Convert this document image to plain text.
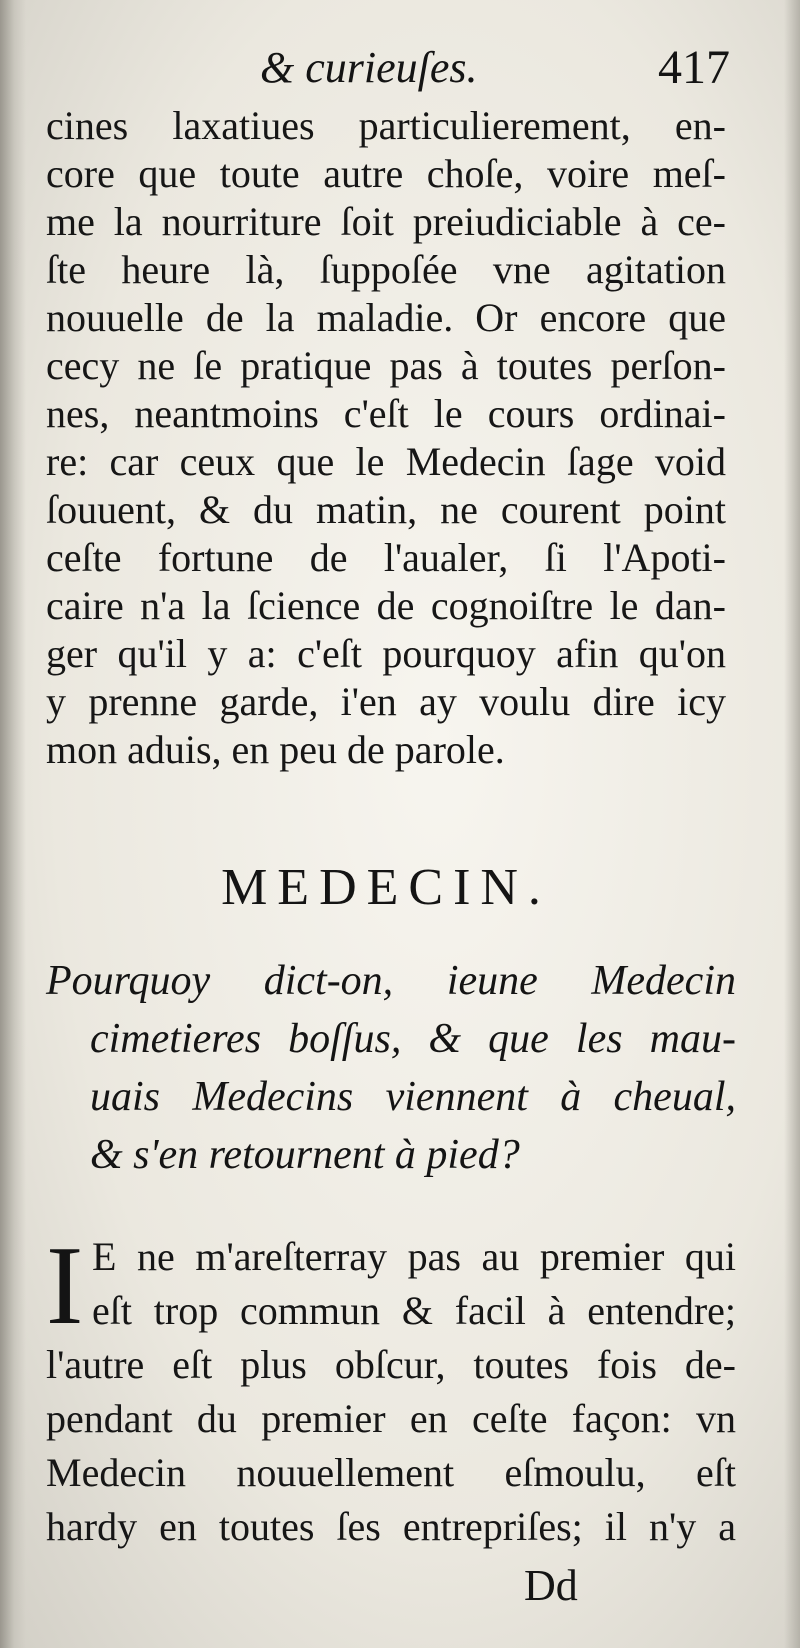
& curieuſes.	417
cines laxatiues particulierement, en-
core que toute autre choſe, voire meſ-
me la nourriture ſoit preiudiciable à ce-
ſte heure là, ſuppoſée vne agitation
nouuelle de la maladie. Or encore que
cecy ne ſe pratique pas à toutes perſon-
nes, neantmoins c'eſt le cours ordinai-
re: car ceux que le Medecin ſage void
ſouuent, & du matin, ne courent point
ceſte fortune de l'aualer, ſi l'Apoti-
caire n'a la ſcience de cognoiſtre le dan-
ger qu'il y a: c'eſt pourquoy afin qu'on
y prenne garde, i'en ay voulu dire icy
mon aduis, en peu de parole.
MEDECIN.
Pourquoy dict-on, ieune Medecin
cimetieres boſſus, & que les mau-
uais Medecins viennent à cheual,
& s'en retournent à pied?
I E ne m'areſterray pas au premier qui
eſt trop commun & facil à entendre;
l'autre eſt plus obſcur, toutes fois de-
pendant du premier en ceſte façon: vn
Medecin nouuellement eſmoulu, eſt
hardy en toutes ſes entrepriſes; il n'y a
Dd
